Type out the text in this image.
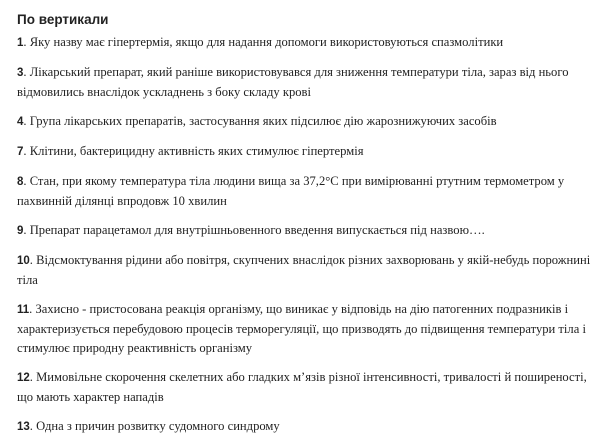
По вертикали

1. Яку назву має гіпертермія, якщо для надання допомоги використовуються спазмолітики

3. Лікарський препарат, який раніше використовувався для зниження температури тіла, зараз від нього відмовились внаслідок ускладнень з боку складу крові

4. Група лікарських препаратів, застосування яких підсилює дію жарознижуючих засобів

7. Клітини, бактерицидну активність яких стимулює гіпертермія

8. Стан, при якому температура тіла людини вища за 37,2°С при вимірюванні ртутним термометром у пахвинній ділянці впродовж 10 хвилин

9. Препарат парацетамол для внутрішньовенного введення випускається під назвою….

10. Відсмоктування рідини або повітря, скупчених внаслідок різних захворювань у якій-небудь порожнині тіла

11. Захисно - пристосована реакція організму, що виникає у відповідь на дію патогенних подразників і характеризується перебудовою процесів терморегуляції, що призводять до підвищення температури тіла і стимулює природну реактивність організму

12. Мимовільне скорочення скелетних або гладких м’язів різної інтенсивності, тривалості й поширеності, що мають характер нападів

13. Одна з причин розвитку судомного синдрому
